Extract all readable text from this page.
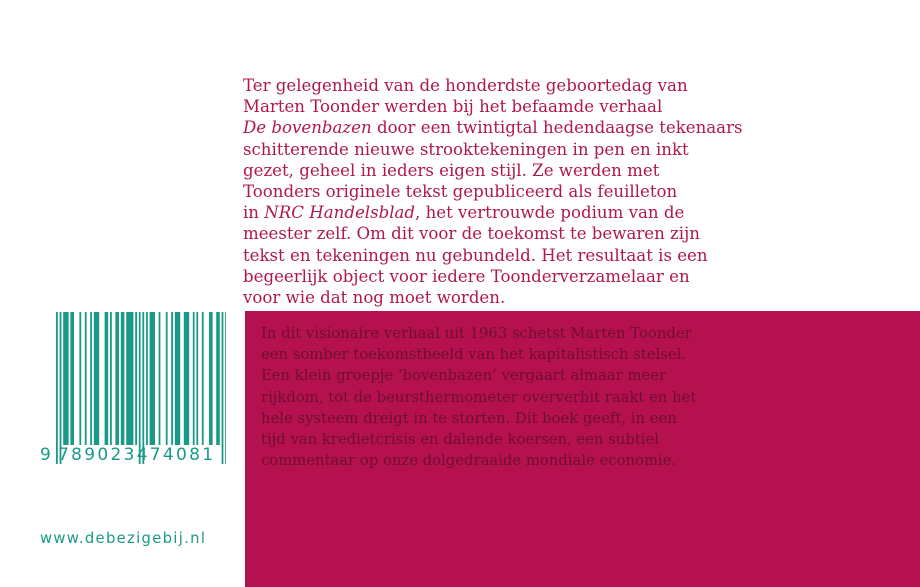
Ter gelegenheid van de honderdste geboortedag van
Marten Toonder werden bij het befaamde verhaal
De bovenbazen door een twintigtal hedendaagse tekenaars
schitterende nieuwe strooktekeningen in pen en inkt
gezet, geheel in ieders eigen stijl. Ze werden met
Toonders originele tekst gepubliceerd als feuilleton
in NRC Handelsblad, het vertrouwde podium van de
meester zelf. Om dit voor de toekomst te bewaren zijn
tekst en tekeningen nu gebundeld. Het resultaat is een
begeerlijk object voor iedere Toonderverzamelaar en
voor wie dat nog moet worden.
In dit visionaire verhaal uit 1963 schetst Marten Toonder
een somber toekomstbeeld van het kapitalistisch stelsel.
Een klein groepje ‘bovenbazen’ vergaart almaar meer
rijkdom, tot de beursthermometer oververhit raakt en het
hele systeem dreigt in te storten. Dit boek geeft, in een
tijd van kredietcrisis en dalende koersen, een subtiel
commentaar op onze dolgedraaide mondiale economie.
9 789023474081
www.debezigebij.nl
